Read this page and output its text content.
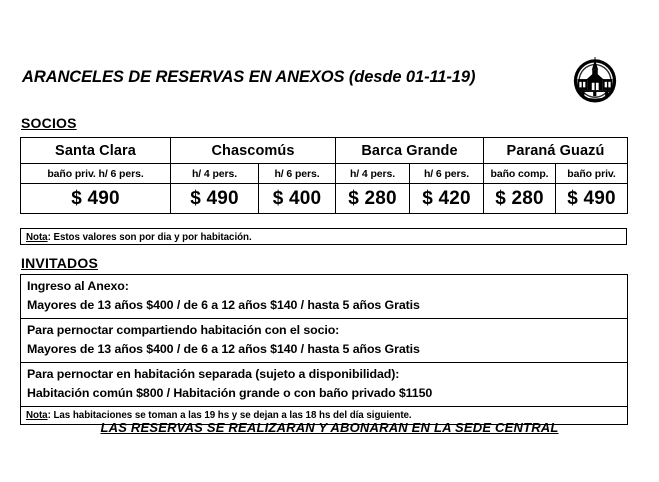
ARANCELES DE RESERVAS EN ANEXOS (desde 01-11-19)
SOCIOS
Santa Clara	Chascomús		Barca Grande		Paraná Guazú	
baño priv. h/ 6 pers.	h/ 4 pers.	h/ 6 pers.	h/ 4 pers.	h/ 6 pers.	baño comp.	baño priv.
$ 490	$ 490	$ 400	$ 280	$ 420	$ 280	$ 490
Nota: Estos valores son por dia y por habitación.
INVITADOS
Ingreso al Anexo:
Mayores de 13 años $400 / de 6 a 12 años $140 / hasta 5 años Gratis

Para pernoctar compartiendo habitación con el socio:
Mayores de 13 años $400 / de 6 a 12 años $140 / hasta 5 años Gratis

Para pernoctar en habitación separada (sujeto a disponibilidad):
Habitación común $800 / Habitación grande o con baño privado $1150

Nota: Las habitaciones se toman a las 19 hs y se dejan a las 18 hs del día siguiente.
LAS RESERVAS SE REALIZARAN Y ABONARAN EN LA SEDE CENTRAL
